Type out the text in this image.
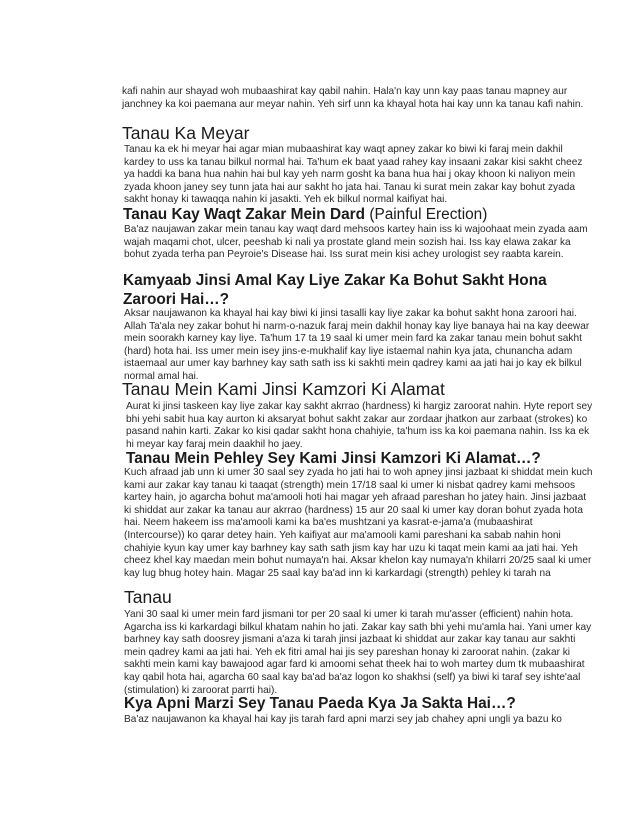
kafi nahin aur shayad woh mubaashirat kay qabil nahin. Hala'n kay unn kay paas tanau mapney aur janchney ka koi paemana aur meyar nahin. Yeh sirf unn ka khayal hota hai kay unn ka tanau kafi nahin.

Tanau Ka Meyar

Tanau ka ek hi meyar hai agar mian mubaashirat kay waqt apney zakar ko biwi ki faraj mein dakhil kardey to uss ka tanau bilkul normal hai. Ta'hum ek baat yaad rahey kay insaani zakar kisi sakht cheez ya haddi ka bana hua nahin hai bul kay yeh narm gosht ka bana hua hai j okay khoon ki naliyon mein zyada khoon janey sey tunn jata hai aur sakht ho jata hai. Tanau ki surat mein zakar kay bohut zyada sakht honay ki tawaqqa nahin ki jasakti. Yeh ek bilkul normal kaifiyat hai.

Tanau Kay Waqt Zakar Mein Dard (Painful Erection)

Ba'az naujawan zakar mein tanau kay waqt dard mehsoos kartey hain iss ki wajoohaat mein zyada aam wajah maqami chot, ulcer, peeshab ki nali ya prostate gland mein sozish hai. Iss kay elawa zakar ka bohut zyada terha pan Peyroie's Disease hai. Iss surat mein kisi achey urologist sey raabta karein.

Kamyaab Jinsi Amal Kay Liye Zakar Ka Bohut Sakht Hona Zaroori Hai…?

Aksar naujawanon ka khayal hai kay biwi ki jinsi tasalli kay liye zakar ka bohut sakht hona zaroori hai. Allah Ta'ala ney zakar bohut hi narm-o-nazuk faraj mein dakhil honay kay liye banaya hai na kay deewar mein soorakh karney kay liye. Ta'hum 17 ta 19 saal ki umer mein fard ka zakar tanau mein bohut sakht (hard) hota hai. Iss umer mein isey jins-e-mukhalif kay liye istaemal nahin kya jata, chunancha adam istaemaal aur umer kay barhney kay sath sath iss ki sakhti mein qadrey kami aa jati hai jo kay ek bilkul normal amal hai.

Tanau Mein Kami Jinsi Kamzori Ki Alamat

Aurat ki jinsi taskeen kay liye zakar kay sakht akrrao (hardness) ki hargiz zaroorat nahin. Hyte report sey bhi yehi sabit hua kay aurton ki aksaryat bohut sakht zakar aur zordaar jhatkon aur zarbaat (strokes) ko pasand nahin karti. Zakar ko kisi qadar sakht hona chahiyie, ta'hum iss ka koi paemana nahin. Iss ka ek hi meyar kay faraj mein daakhil ho jaey.

Tanau Mein Pehley Sey Kami Jinsi Kamzori Ki Alamat…?

Kuch afraad jab unn ki umer 30 saal sey zyada ho jati hai to woh apney jinsi jazbaat ki shiddat mein kuch kami aur zakar kay tanau ki taaqat (strength) mein 17/18 saal ki umer ki nisbat qadrey kami mehsoos kartey hain, jo agarcha bohut ma'amooli hoti hai magar yeh afraad pareshan ho jatey hain. Jinsi jazbaat ki shiddat aur zakar ka tanau aur akrrao (hardness) 15 aur 20 saal ki umer kay doran bohut zyada hota hai. Neem hakeem iss ma'amooli kami ka ba'es mushtzani ya kasrat-e-jama'a (mubaashirat (Intercourse)) ko qarar detey hain. Yeh kaifiyat aur ma'amooli kami pareshani ka sabab nahin honi chahiyie kyun kay umer kay barhney kay sath sath jism kay har uzu ki taqat mein kami aa jati hai. Yeh cheez khel kay maedan mein bohut numaya'n hai. Aksar khelon kay numaya'n khilarri 20/25 saal ki umer kay lug bhug hotey hain. Magar 25 saal kay ba'ad inn ki karkardagi (strength) pehley ki tarah na

Tanau

Yani 30 saal ki umer mein fard jismani tor per 20 saal ki umer ki tarah mu'asser (efficient) nahin hota. Agarcha iss ki karkardagi bilkul khatam nahin ho jati. Zakar kay sath bhi yehi mu'amla hai. Yani umer kay barhney kay sath doosrey jismani a'aza ki tarah jinsi jazbaat ki shiddat aur zakar kay tanau aur sakhti mein qadrey kami aa jati hai. Yeh ek fitri amal hai jis sey pareshan honay ki zaroorat nahin. (zakar ki sakhti mein kami kay bawajood agar fard ki amoomi sehat theek hai to woh martey dum tk mubaashirat kay qabil hota hai, agarcha 60 saal kay ba'ad ba'az logon ko shakhsi (self) ya biwi ki taraf sey ishte'aal (stimulation) ki zaroorat parrti hai).

Kya Apni Marzi Sey Tanau Paeda Kya Ja Sakta Hai…?

Ba'az naujawanon ka khayal hai kay jis tarah fard apni marzi sey jab chahey apni ungli ya bazu ko
